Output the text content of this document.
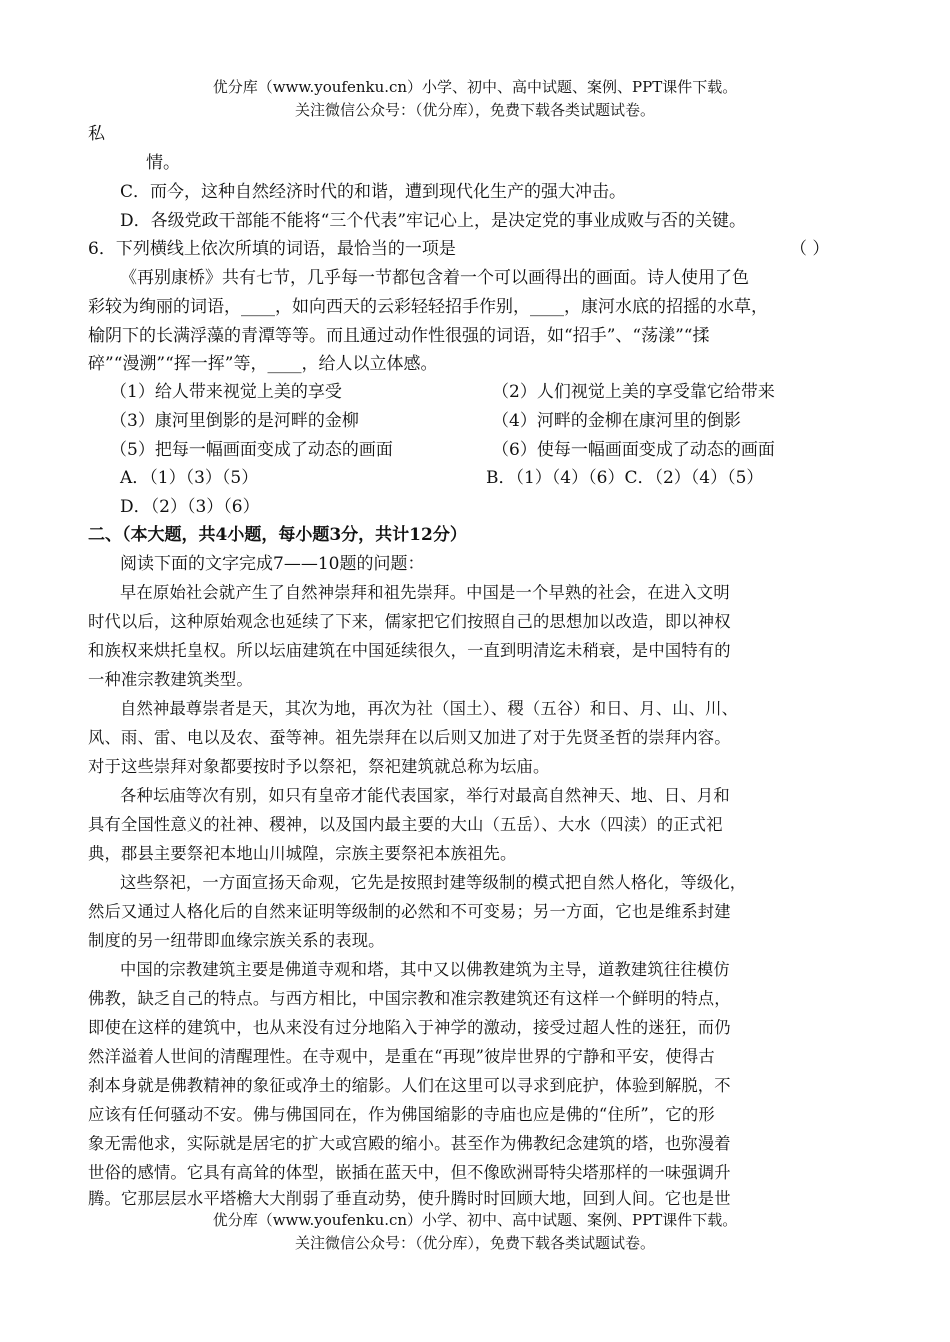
优分库（www.youfenku.cn）小学、初中、高中试题、案例、PPT课件下载。
关注微信公众号：（优分库），免费下载各类试题试卷。
私
情。
C．而今，这种自然经济时代的和谐，遭到现代化生产的强大冲击。
D．各级党政干部能不能将“三个代表”牢记心上，是决定党的事业成败与否的关键。
6．下列横线上依次所填的词语，最恰当的一项是	（ ）
《再别康桥》共有七节，几乎每一节都包含着一个可以画得出的画面。诗人使用了色
彩较为绚丽的词语，____，如向西天的云彩轻轻招手作别，____，康河水底的招摇的水草，
榆阴下的长满浮藻的青潭等等。而且通过动作性很强的词语，如“招手”、“荡漾”“揉
碎”“漫溯”“挥一挥”等，____，给人以立体感。
（1）给人带来视觉上美的享受	（2）人们视觉上美的享受靠它给带来
（3）康河里倒影的是河畔的金柳	（4）河畔的金柳在康河里的倒影
（5）把每一幅画面变成了动态的画面	（6）使每一幅画面变成了动态的画面
A．（1）（3）（5）	B．（1）（4）（6）C．（2）（4）（5）
D．（2）（3）（6）
二、（本大题，共4小题，每小题3分，共计12分）
阅读下面的文字完成7——10题的问题：
早在原始社会就产生了自然神崇拜和祖先崇拜。中国是一个早熟的社会，在进入文明
时代以后，这种原始观念也延续了下来，儒家把它们按照自己的思想加以改造，即以神权
和族权来烘托皇权。所以坛庙建筑在中国延续很久，一直到明清迄未稍衰，是中国特有的
一种准宗教建筑类型。
自然神最尊崇者是天，其次为地，再次为社（国土）、稷（五谷）和日、月、山、川、
风、雨、雷、电以及农、蚕等神。祖先崇拜在以后则又加进了对于先贤圣哲的崇拜内容。
对于这些崇拜对象都要按时予以祭祀，祭祀建筑就总称为坛庙。
各种坛庙等次有别，如只有皇帝才能代表国家，举行对最高自然神天、地、日、月和
具有全国性意义的社神、稷神，以及国内最主要的大山（五岳）、大水（四渎）的正式祀
典，郡县主要祭祀本地山川城隍，宗族主要祭祀本族祖先。
这些祭祀，一方面宣扬天命观，它先是按照封建等级制的模式把自然人格化，等级化，
然后又通过人格化后的自然来证明等级制的必然和不可变易；另一方面，它也是维系封建
制度的另一纽带即血缘宗族关系的表现。
中国的宗教建筑主要是佛道寺观和塔，其中又以佛教建筑为主导，道教建筑往往模仿
佛教，缺乏自己的特点。与西方相比，中国宗教和准宗教建筑还有这样一个鲜明的特点，
即使在这样的建筑中，也从来没有过分地陷入于神学的激动，接受过超人性的迷狂，而仍
然洋溢着人世间的清醒理性。在寺观中，是重在“再现”彼岸世界的宁静和平安，使得古
刹本身就是佛教精神的象征或净土的缩影。人们在这里可以寻求到庇护，体验到解脱，不
应该有任何骚动不安。佛与佛国同在，作为佛国缩影的寺庙也应是佛的“住所”，它的形
象无需他求，实际就是居宅的扩大或宫殿的缩小。甚至作为佛教纪念建筑的塔，也弥漫着
世俗的感情。它具有高耸的体型，嵌插在蓝天中，但不像欧洲哥特尖塔那样的一味强调升
腾。它那层层水平塔檐大大削弱了垂直动势，使升腾时时回顾大地，回到人间。它也是世
优分库（www.youfenku.cn）小学、初中、高中试题、案例、PPT课件下载。
关注微信公众号：（优分库），免费下载各类试题试卷。
